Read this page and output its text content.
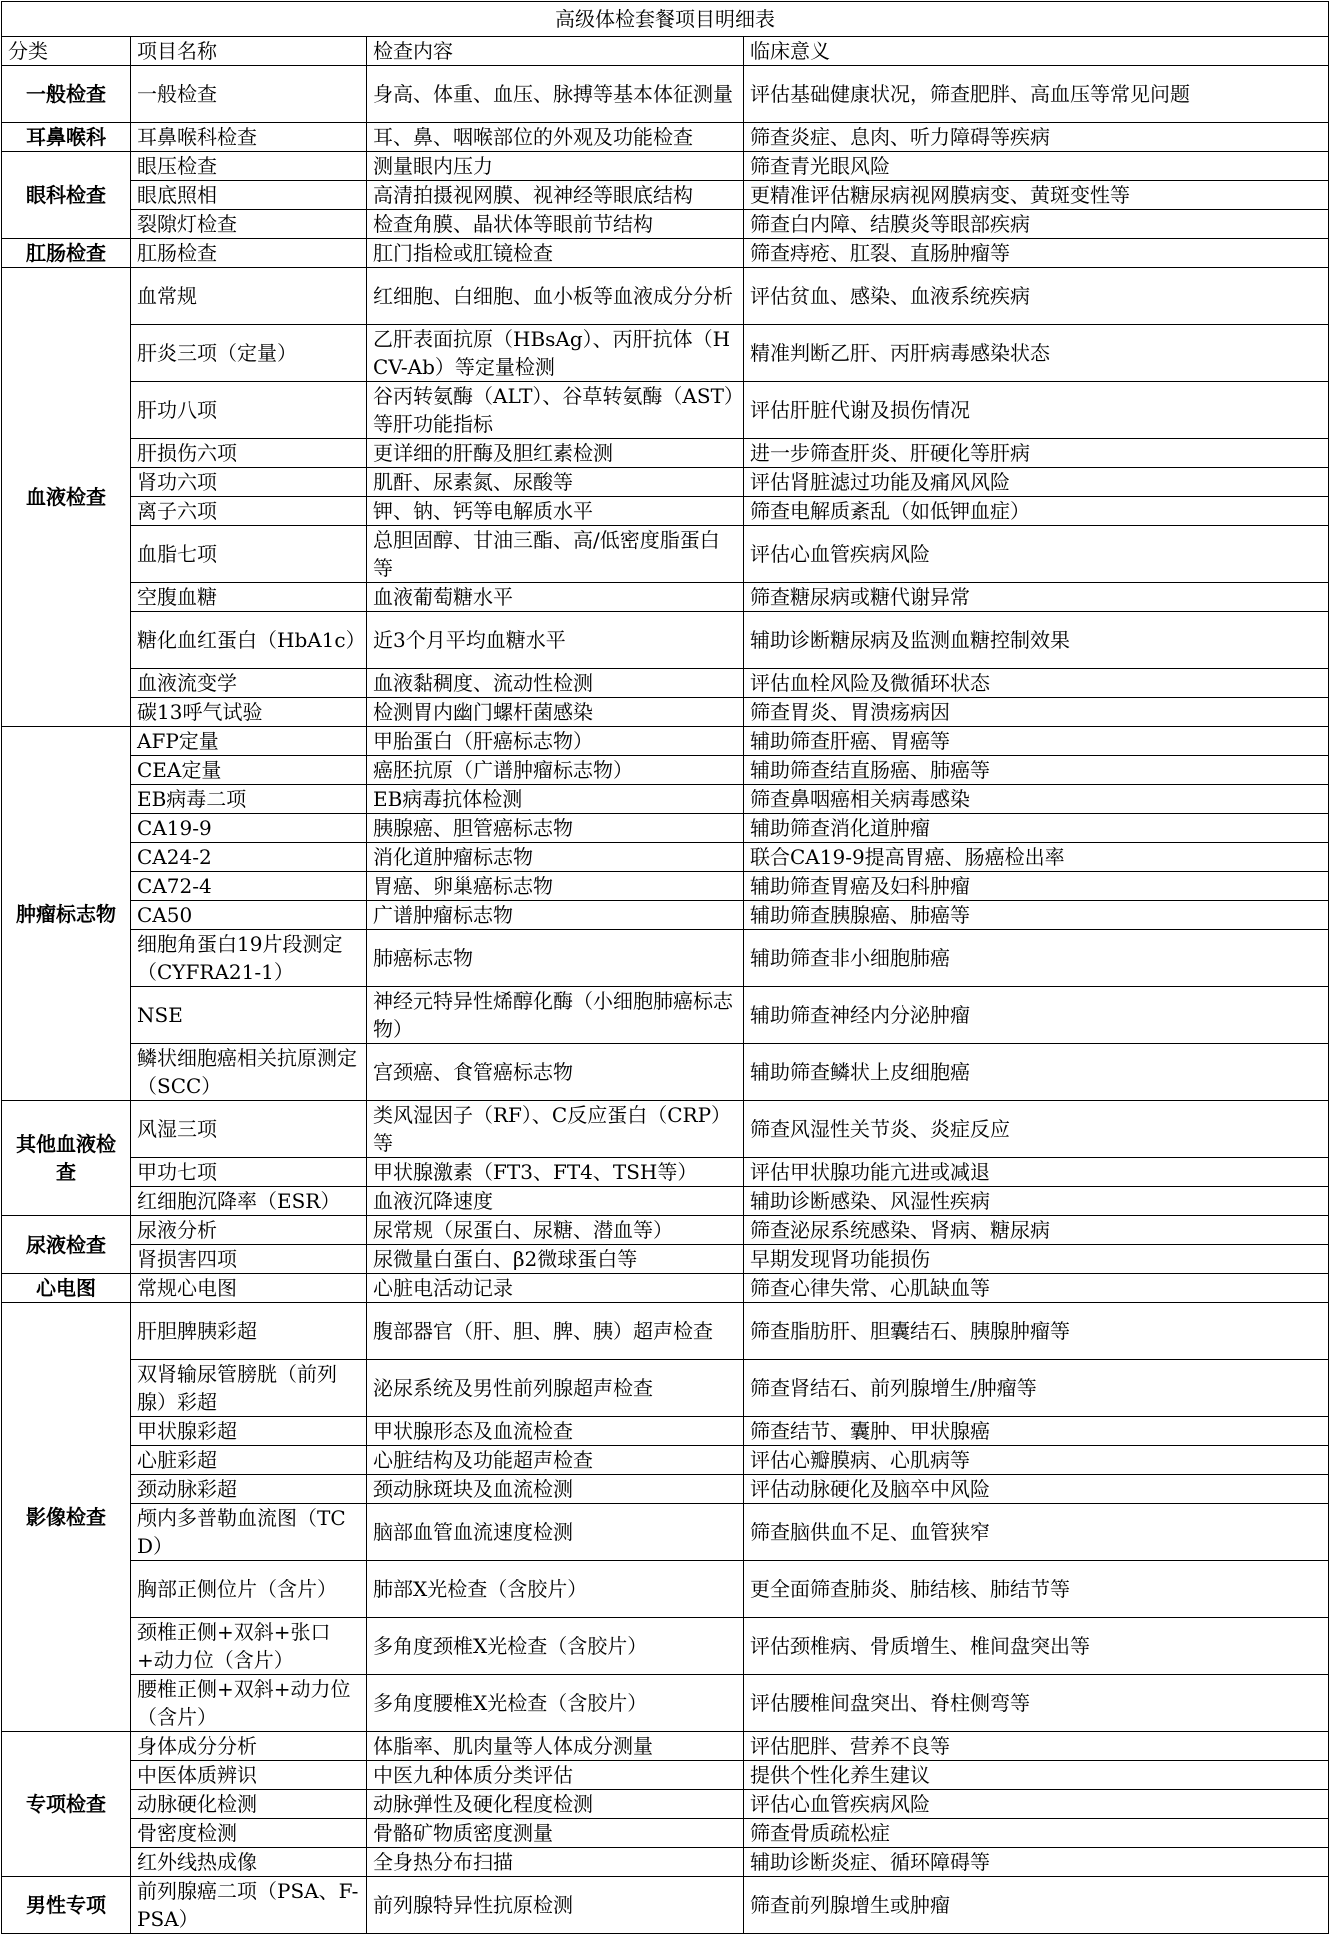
高级体检套餐项目明细表			
分类	项目名称	检查内容	临床意义
一般检查	一般检查	身高、体重、血压、脉搏等基本体征测量	评估基础健康状况，筛查肥胖、高血压等常见问题
耳鼻喉科	耳鼻喉科检查	耳、鼻、咽喉部位的外观及功能检查	筛查炎症、息肉、听力障碍等疾病
眼科检查	眼压检查	测量眼内压力	筛查青光眼风险
	眼底照相	高清拍摄视网膜、视神经等眼底结构	更精准评估糖尿病视网膜病变、黄斑变性等
	裂隙灯检查	检查角膜、晶状体等眼前节结构	筛查白内障、结膜炎等眼部疾病
肛肠检查	肛肠检查	肛门指检或肛镜检查	筛查痔疮、肛裂、直肠肿瘤等
血液检查	血常规	红细胞、白细胞、血小板等血液成分分析	评估贫血、感染、血液系统疾病
	肝炎三项（定量）	乙肝表面抗原（HBsAg）、丙肝抗体（HCV-Ab）等定量检测	精准判断乙肝、丙肝病毒感染状态
	肝功八项	谷丙转氨酶（ALT）、谷草转氨酶（AST）等肝功能指标	评估肝脏代谢及损伤情况
	肝损伤六项	更详细的肝酶及胆红素检测	进一步筛查肝炎、肝硬化等肝病
	肾功六项	肌酐、尿素氮、尿酸等	评估肾脏滤过功能及痛风风险
	离子六项	钾、钠、钙等电解质水平	筛查电解质紊乱（如低钾血症）
	血脂七项	总胆固醇、甘油三酯、高/低密度脂蛋白等	评估心血管疾病风险
	空腹血糖	血液葡萄糖水平	筛查糖尿病或糖代谢异常
	糖化血红蛋白（HbA1c）	近3个月平均血糖水平	辅助诊断糖尿病及监测血糖控制效果
	血液流变学	血液黏稠度、流动性检测	评估血栓风险及微循环状态
	碳13呼气试验	检测胃内幽门螺杆菌感染	筛查胃炎、胃溃疡病因
肿瘤标志物	AFP定量	甲胎蛋白（肝癌标志物）	辅助筛查肝癌、胃癌等
	CEA定量	癌胚抗原（广谱肿瘤标志物）	辅助筛查结直肠癌、肺癌等
	EB病毒二项	EB病毒抗体检测	筛查鼻咽癌相关病毒感染
	CA19-9	胰腺癌、胆管癌标志物	辅助筛查消化道肿瘤
	CA24-2	消化道肿瘤标志物	联合CA19-9提高胃癌、肠癌检出率
	CA72-4	胃癌、卵巢癌标志物	辅助筛查胃癌及妇科肿瘤
	CA50	广谱肿瘤标志物	辅助筛查胰腺癌、肺癌等
	细胞角蛋白19片段测定（CYFRA21-1）	肺癌标志物	辅助筛查非小细胞肺癌
	NSE	神经元特异性烯醇化酶（小细胞肺癌标志物）	辅助筛查神经内分泌肿瘤
	鳞状细胞癌相关抗原测定（SCC）	宫颈癌、食管癌标志物	辅助筛查鳞状上皮细胞癌
其他血液检查	风湿三项	类风湿因子（RF）、C反应蛋白（CRP）等	筛查风湿性关节炎、炎症反应
	甲功七项	甲状腺激素（FT3、FT4、TSH等）	评估甲状腺功能亢进或减退
	红细胞沉降率（ESR）	血液沉降速度	辅助诊断感染、风湿性疾病
尿液检查	尿液分析	尿常规（尿蛋白、尿糖、潜血等）	筛查泌尿系统感染、肾病、糖尿病
	肾损害四项	尿微量白蛋白、β2微球蛋白等	早期发现肾功能损伤
心电图	常规心电图	心脏电活动记录	筛查心律失常、心肌缺血等
影像检查	肝胆脾胰彩超	腹部器官（肝、胆、脾、胰）超声检查	筛查脂肪肝、胆囊结石、胰腺肿瘤等
	双肾输尿管膀胱（前列腺）彩超	泌尿系统及男性前列腺超声检查	筛查肾结石、前列腺增生/肿瘤等
	甲状腺彩超	甲状腺形态及血流检查	筛查结节、囊肿、甲状腺癌
	心脏彩超	心脏结构及功能超声检查	评估心瓣膜病、心肌病等
	颈动脉彩超	颈动脉斑块及血流检测	评估动脉硬化及脑卒中风险
	颅内多普勒血流图（TCD）	脑部血管血流速度检测	筛查脑供血不足、血管狭窄
	胸部正侧位片（含片）	肺部X光检查（含胶片）	更全面筛查肺炎、肺结核、肺结节等
	颈椎正侧+双斜+张口+动力位（含片）	多角度颈椎X光检查（含胶片）	评估颈椎病、骨质增生、椎间盘突出等
	腰椎正侧+双斜+动力位（含片）	多角度腰椎X光检查（含胶片）	评估腰椎间盘突出、脊柱侧弯等
专项检查	身体成分分析	体脂率、肌肉量等人体成分测量	评估肥胖、营养不良等
	中医体质辨识	中医九种体质分类评估	提供个性化养生建议
	动脉硬化检测	动脉弹性及硬化程度检测	评估心血管疾病风险
	骨密度检测	骨骼矿物质密度测量	筛查骨质疏松症
	红外线热成像	全身热分布扫描	辅助诊断炎症、循环障碍等
男性专项	前列腺癌二项（PSA、F-PSA）	前列腺特异性抗原检测	筛查前列腺增生或肿瘤
